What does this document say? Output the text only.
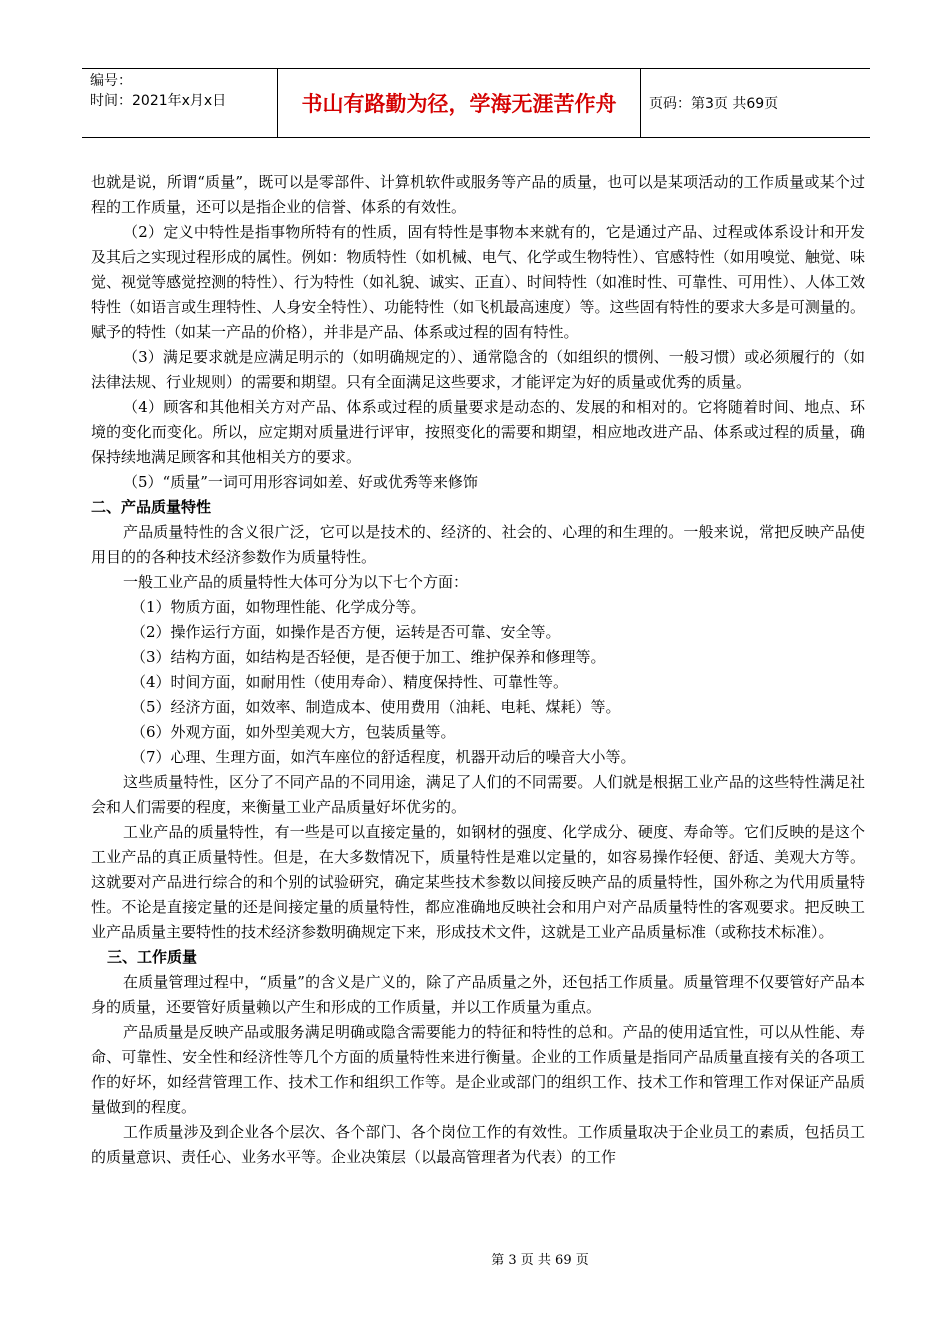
编号：
时间：2021年x月x日	书山有路勤为径，学海无涯苦作舟	页码：第3页 共69页

也就是说，所谓“质量”，既可以是零部件、计算机软件或服务等产品的质量，也可以是某项活动的工作质量或某个过程的工作质量，还可以是指企业的信誉、体系的有效性。

（2）定义中特性是指事物所特有的性质，固有特性是事物本来就有的，它是通过产品、过程或体系设计和开发及其后之实现过程形成的属性。例如：物质特性（如机械、电气、化学或生物特性）、官感特性（如用嗅觉、触觉、味觉、视觉等感觉控测的特性）、行为特性（如礼貌、诚实、正直）、时间特性（如准时性、可靠性、可用性）、人体工效特性（如语言或生理特性、人身安全特性）、功能特性（如飞机最高速度）等。这些固有特性的要求大多是可测量的。赋予的特性（如某一产品的价格），并非是产品、体系或过程的固有特性。

（3）满足要求就是应满足明示的（如明确规定的）、通常隐含的（如组织的惯例、一般习惯）或必须履行的（如法律法规、行业规则）的需要和期望。只有全面满足这些要求，才能评定为好的质量或优秀的质量。

（4）顾客和其他相关方对产品、体系或过程的质量要求是动态的、发展的和相对的。它将随着时间、地点、环境的变化而变化。所以，应定期对质量进行评审，按照变化的需要和期望，相应地改进产品、体系或过程的质量，确保持续地满足顾客和其他相关方的要求。

（5）“质量”一词可用形容词如差、好或优秀等来修饰

二、产品质量特性

产品质量特性的含义很广泛，它可以是技术的、经济的、社会的、心理的和生理的。一般来说，常把反映产品使用目的的各种技术经济参数作为质量特性。

一般工业产品的质量特性大体可分为以下七个方面：

（1）物质方面，如物理性能、化学成分等。

（2）操作运行方面，如操作是否方便，运转是否可靠、安全等。

（3）结构方面，如结构是否轻便，是否便于加工、维护保养和修理等。

（4）时间方面，如耐用性（使用寿命）、精度保持性、可靠性等。

（5）经济方面，如效率、制造成本、使用费用（油耗、电耗、煤耗）等。

（6）外观方面，如外型美观大方，包装质量等。

（7）心理、生理方面，如汽车座位的舒适程度，机器开动后的噪音大小等。

这些质量特性，区分了不同产品的不同用途，满足了人们的不同需要。人们就是根据工业产品的这些特性满足社会和人们需要的程度，来衡量工业产品质量好坏优劣的。

工业产品的质量特性，有一些是可以直接定量的，如钢材的强度、化学成分、硬度、寿命等。它们反映的是这个工业产品的真正质量特性。但是，在大多数情况下，质量特性是难以定量的，如容易操作轻便、舒适、美观大方等。这就要对产品进行综合的和个别的试验研究，确定某些技术参数以间接反映产品的质量特性，国外称之为代用质量特性。不论是直接定量的还是间接定量的质量特性，都应准确地反映社会和用户对产品质量特性的客观要求。把反映工业产品质量主要特性的技术经济参数明确规定下来，形成技术文件，这就是工业产品质量标准（或称技术标准）。

三、工作质量

在质量管理过程中，“质量”的含义是广义的，除了产品质量之外，还包括工作质量。质量管理不仅要管好产品本身的质量，还要管好质量赖以产生和形成的工作质量，并以工作质量为重点。

产品质量是反映产品或服务满足明确或隐含需要能力的特征和特性的总和。产品的使用适宜性，可以从性能、寿命、可靠性、安全性和经济性等几个方面的质量特性来进行衡量。企业的工作质量是指同产品质量直接有关的各项工作的好坏，如经营管理工作、技术工作和组织工作等。是企业或部门的组织工作、技术工作和管理工作对保证产品质量做到的程度。

工作质量涉及到企业各个层次、各个部门、各个岗位工作的有效性。工作质量取决于企业员工的素质，包括员工的质量意识、责任心、业务水平等。企业决策层（以最高管理者为代表）的工作

第 3 页 共 69 页
